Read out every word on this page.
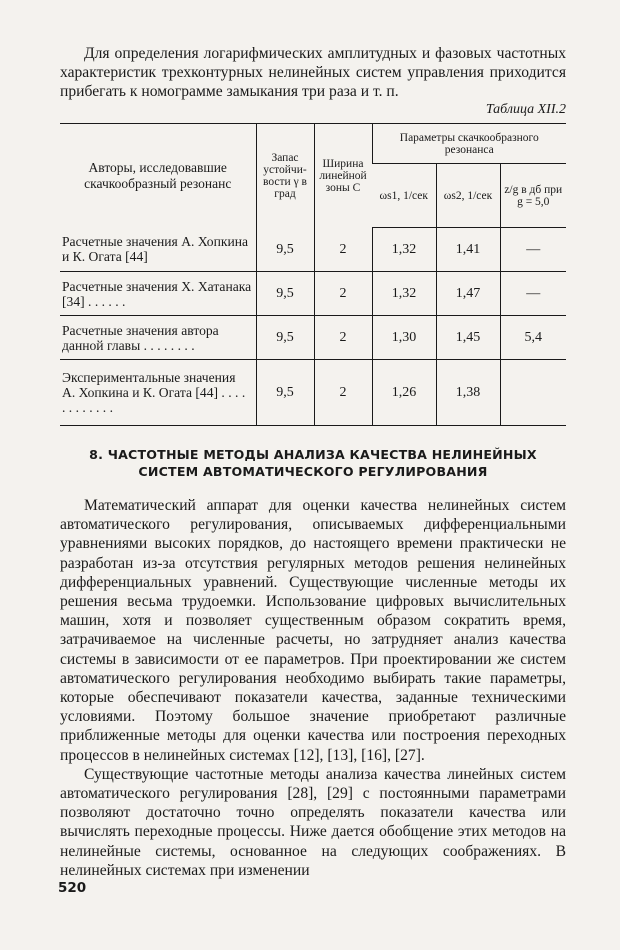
Для определения логарифмических амплитудных и фазовых частотных характеристик трехконтурных нелинейных систем управления приходится прибегать к номограмме замыкания три раза и т. п.

Таблица XII.2
Авторы, исследовавшие скачкообразный резонанс	Запас устойчи- вости γ в град	Ширина линейной зоны C	Параметры скачкообразного резонанса		
			ωs1, 1/сек	ωs2, 1/сек	z/g в дб при g = 5,0
Расчетные значения А. Хопкина и К. Огата [44]	9,5	2	1,32	1,41	—
Расчетные значения Х. Хатанака [34] . . . . . .	9,5	2	1,32	1,47	—
Расчетные значения автора данной главы . . . . . . . .	9,5	2	1,30	1,45	5,4
Экспериментальные значения А. Хопкина и К. Огата [44] . . . . . . . . . . . .	9,5	2	1,26	1,38	
8. ЧАСТОТНЫЕ МЕТОДЫ АНАЛИЗА КАЧЕСТВА НЕЛИНЕЙНЫХ СИСТЕМ АВТОМАТИЧЕСКОГО РЕГУЛИРОВАНИЯ

Математический аппарат для оценки качества нелинейных систем автоматического регулирования, описываемых дифференциальными уравнениями высоких порядков, до настоящего времени практически не разработан из-за отсутствия регулярных методов решения нелинейных дифференциальных уравнений. Существующие численные методы их решения весьма трудоемки. Использование цифровых вычислительных машин, хотя и позволяет существенным образом сократить время, затрачиваемое на численные расчеты, но затрудняет анализ качества системы в зависимости от ее параметров. При проектировании же систем автоматического регулирования необходимо выбирать такие параметры, которые обеспечивают показатели качества, заданные техническими условиями. Поэтому большое значение приобретают различные приближенные методы для оценки качества или построения переходных процессов в нелинейных системах [12], [13], [16], [27].

Существующие частотные методы анализа качества линейных систем автоматического регулирования [28], [29] с постоянными параметрами позволяют достаточно точно определять показатели качества или вычислять переходные процессы. Ниже дается обобщение этих методов на нелинейные системы, основанное на следующих соображениях. В нелинейных системах при изменении

520
